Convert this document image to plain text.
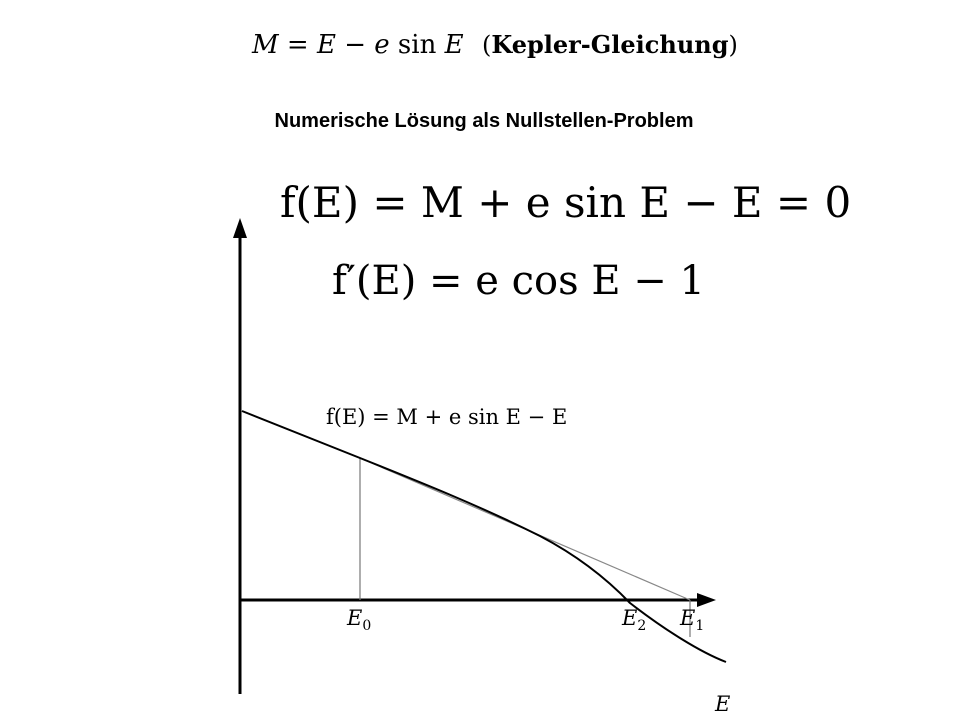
M = E − e sin E (Kepler-Gleichung)
Numerische Lösung als Nullstellen-Problem
f(E) = M + e sin E − E = 0
f′(E) = e cos E − 1
f(E) = M + e sin E − E
$E_0$	$E_2$ $E_1$
E
